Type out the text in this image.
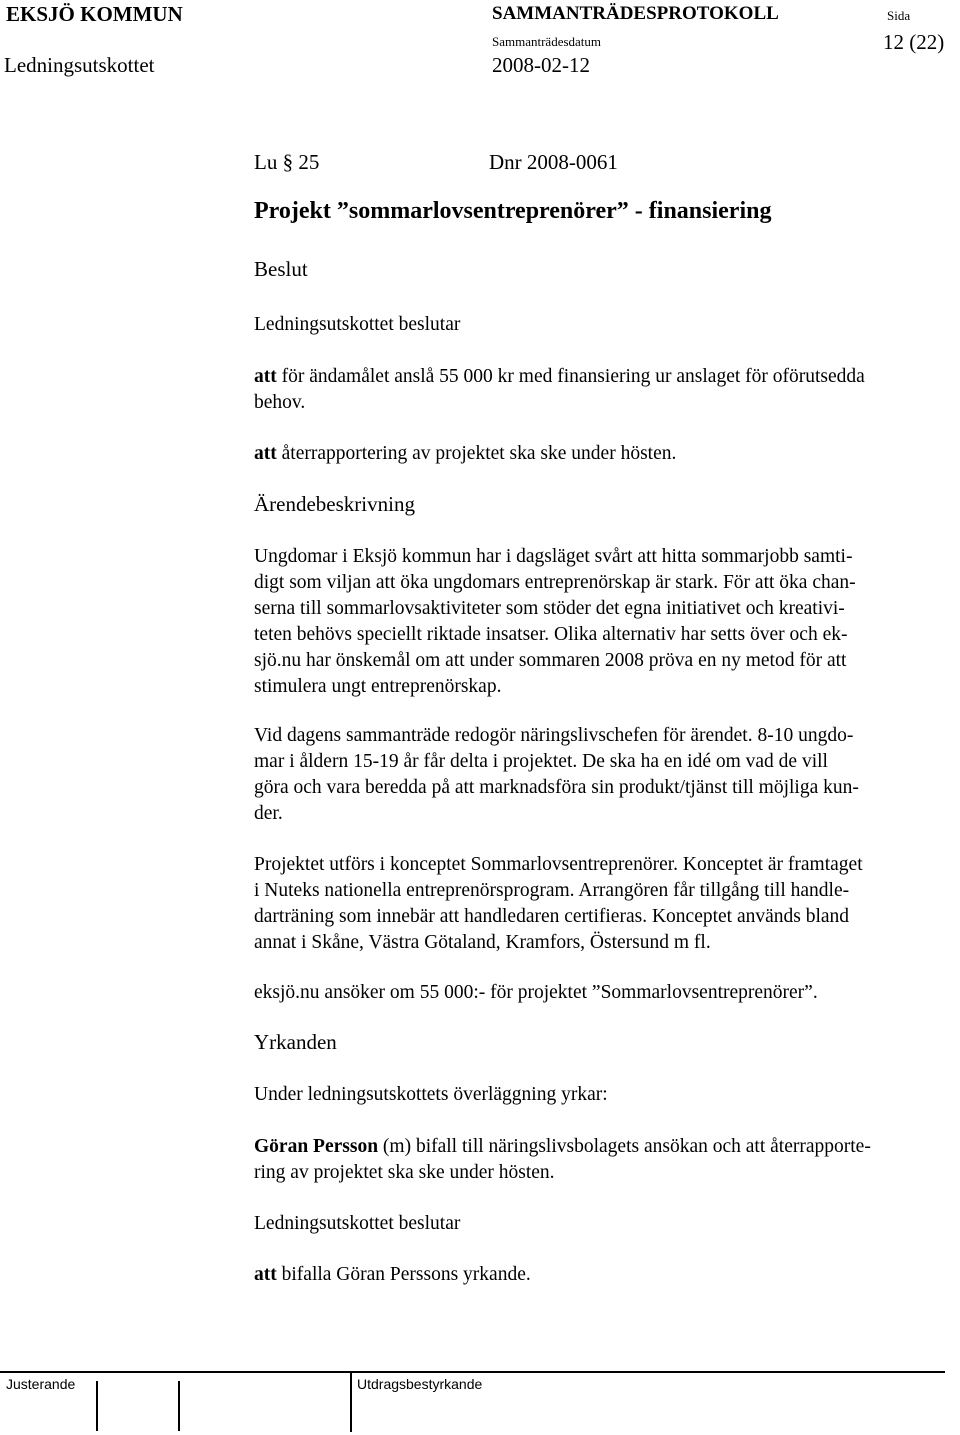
EKSJÖ KOMMUN	SAMMANTRÄDESPROTOKOLL	Sida
12 (22)
Ledningsutskottet
Sammanträdesdatum
2008-02-12
Lu § 25	Dnr 2008-0061
Projekt ”sommarlovsentreprenörer” - finansiering
Beslut
Ledningsutskottet beslutar
att för ändamålet anslå 55 000 kr med finansiering ur anslaget för oförutsedda
behov.
att återrapportering av projektet ska ske under hösten.
Ärendebeskrivning
Ungdomar i Eksjö kommun har i dagsläget svårt att hitta sommarjobb samti-
digt som viljan att öka ungdomars entreprenörskap är stark. För att öka chan-
serna till sommarlovsaktiviteter som stöder det egna initiativet och kreativi-
teten behövs speciellt riktade insatser. Olika alternativ har setts över och ek-
sjö.nu har önskemål om att under sommaren 2008 pröva en ny metod för att
stimulera ungt entreprenörskap.
Vid dagens sammanträde redogör näringslivschefen för ärendet. 8-10 ungdo-
mar i åldern 15-19 år får delta i projektet. De ska ha en idé om vad de vill
göra och vara beredda på att marknadsföra sin produkt/tjänst till möjliga kun-
der.
Projektet utförs i konceptet Sommarlovsentreprenörer. Konceptet är framtaget
i Nuteks nationella entreprenörsprogram. Arrangören får tillgång till handle-
darträning som innebär att handledaren certifieras. Konceptet används bland
annat i Skåne, Västra Götaland, Kramfors, Östersund m fl.
eksjö.nu ansöker om 55 000:- för projektet ”Sommarlovsentreprenörer”.
Yrkanden
Under ledningsutskottets överläggning yrkar:
Göran Persson (m) bifall till näringslivsbolagets ansökan och att återrapporte-
ring av projektet ska ske under hösten.
Ledningsutskottet beslutar
att bifalla Göran Perssons yrkande.
Justerande	Utdragsbestyrkande
